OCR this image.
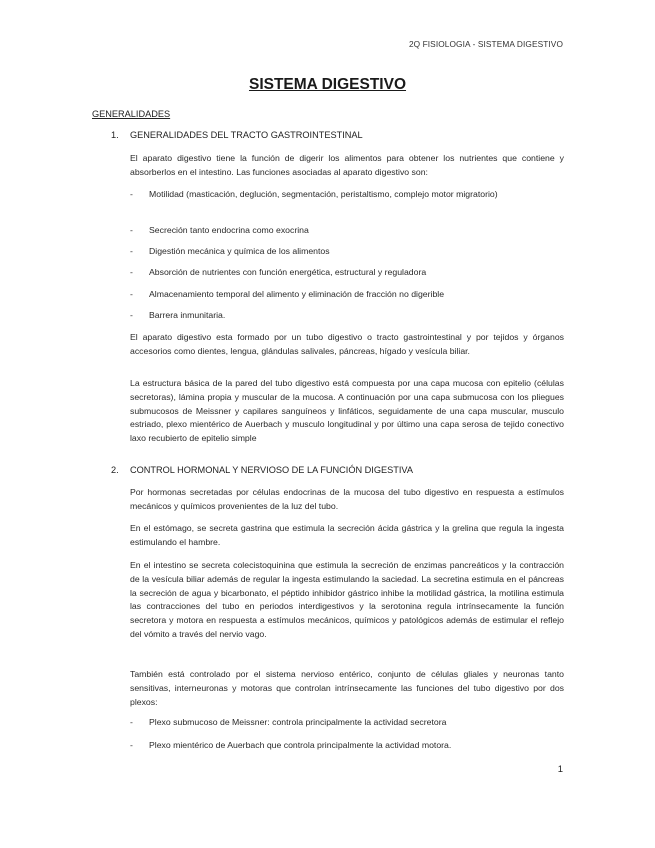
2Q FISIOLOGIA - SISTEMA DIGESTIVO
SISTEMA DIGESTIVO
GENERALIDADES
1. GENERALIDADES DEL TRACTO GASTROINTESTINAL

El aparato digestivo tiene la función de digerir los alimentos para obtener los nutrientes que contiene y absorberlos en el intestino. Las funciones asociadas al aparato digestivo son:

- Motilidad (masticación, deglución, segmentación, peristaltismo, complejo motor migratorio)
- Secreción tanto endocrina como exocrina
- Digestión mecánica y química de los alimentos
- Absorción de nutrientes con función energética, estructural y reguladora
- Almacenamiento temporal del alimento y eliminación de fracción no digerible
- Barrera inmunitaria.

El aparato digestivo esta formado por un tubo digestivo o tracto gastrointestinal y por tejidos y órganos accesorios como dientes, lengua, glándulas salivales, páncreas, hígado y vesícula biliar.

La estructura básica de la pared del tubo digestivo está compuesta por una capa mucosa con epitelio (células secretoras), lámina propia y muscular de la mucosa. A continuación por una capa submucosa con los pliegues submucosos de Meissner y capilares sanguíneos y linfáticos, seguidamente de una capa muscular, musculo estriado, plexo mientérico de Auerbach y musculo longitudinal y por último una capa serosa de tejido conectivo laxo recubierto de epitelio simple

2. CONTROL HORMONAL Y NERVIOSO DE LA FUNCIÓN DIGESTIVA

Por hormonas secretadas por células endocrinas de la mucosa del tubo digestivo en respuesta a estímulos mecánicos y químicos provenientes de la luz del tubo.

En el estómago, se secreta gastrina que estimula la secreción ácida gástrica y la grelina que regula la ingesta estimulando el hambre.

En el intestino se secreta colecistoquinina que estimula la secreción de enzimas pancreáticos y la contracción de la vesícula biliar además de regular la ingesta estimulando la saciedad. La secretina estimula en el páncreas la secreción de agua y bicarbonato, el péptido inhibidor gástrico inhibe la motilidad gástrica, la motilina estimula las contracciones del tubo en periodos interdigestivos y la serotonina regula intrínsecamente la función secretora y motora en respuesta a estímulos mecánicos, químicos y patológicos además de estimular el reflejo del vómito a través del nervio vago.

También está controlado por el sistema nervioso entérico, conjunto de células gliales y neuronas tanto sensitivas, interneuronas y motoras que controlan intrínsecamente las funciones del tubo digestivo por dos plexos:

- Plexo submucoso de Meissner: controla principalmente la actividad secretora
- Plexo mientérico de Auerbach que controla principalmente la actividad motora.
1
